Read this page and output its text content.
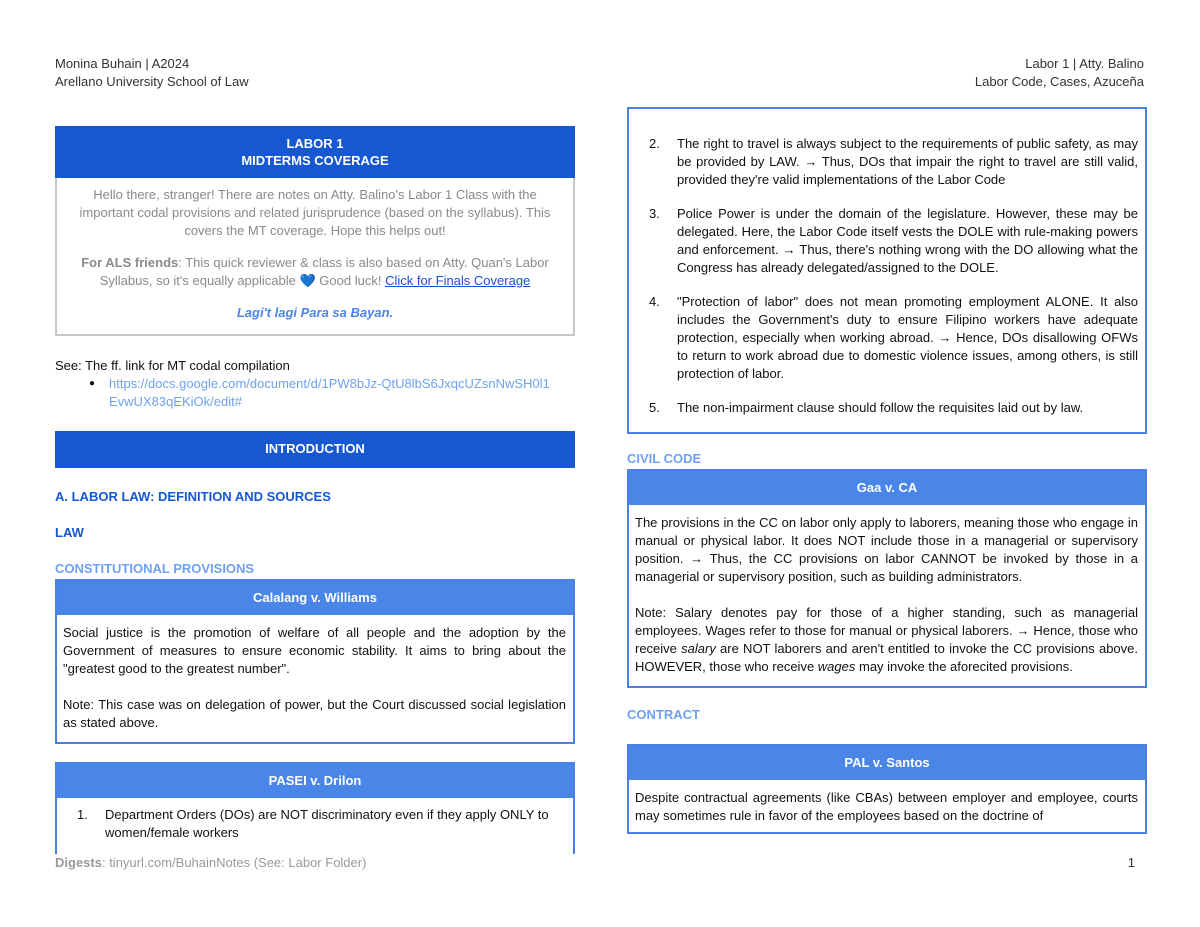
Monina Buhain | A2024
Arellano University School of Law
Labor 1 | Atty. Balino
Labor Code, Cases, Azuceña
LABOR 1
MIDTERMS COVERAGE
Hello there, stranger! There are notes on Atty. Balino's Labor 1 Class with the important codal provisions and related jurisprudence (based on the syllabus). This covers the MT coverage. Hope this helps out!
For ALS friends: This quick reviewer & class is also based on Atty. Quan's Labor Syllabus, so it's equally applicable 💙 Good luck! Click for Finals Coverage
Lagi't lagi Para sa Bayan.
See: The ff. link for MT codal compilation
●	https://docs.google.com/document/d/1PW8bJz-QtU8lbS6JxqcUZsnNwSH0l1
EvwUX83qEKiOk/edit#
INTRODUCTION
A. LABOR LAW: DEFINITION AND SOURCES
LAW
CONSTITUTIONAL PROVISIONS
Calalang v. Williams
Social justice is the promotion of welfare of all people and the adoption by the Government of measures to ensure economic stability. It aims to bring about the "greatest good to the greatest number".
Note: This case was on delegation of power, but the Court discussed social legislation as stated above.
PASEI v. Drilon
1.	Department Orders (DOs) are NOT discriminatory even if they apply ONLY to women/female workers
2.	The right to travel is always subject to the requirements of public safety, as may be provided by LAW. → Thus, DOs that impair the right to travel are still valid, provided they're valid implementations of the Labor Code
3.	Police Power is under the domain of the legislature. However, these may be delegated. Here, the Labor Code itself vests the DOLE with rule-making powers and enforcement. → Thus, there's nothing wrong with the DO allowing what the Congress has already delegated/assigned to the DOLE.
4.	"Protection of labor" does not mean promoting employment ALONE. It also includes the Government's duty to ensure Filipino workers have adequate protection, especially when working abroad. → Hence, DOs disallowing OFWs to return to work abroad due to domestic violence issues, among others, is still protection of labor.
5.	The non-impairment clause should follow the requisites laid out by law.
CIVIL CODE
Gaa v. CA
The provisions in the CC on labor only apply to laborers, meaning those who engage in manual or physical labor. It does NOT include those in a managerial or supervisory position. → Thus, the CC provisions on labor CANNOT be invoked by those in a managerial or supervisory position, such as building administrators.
Note: Salary denotes pay for those of a higher standing, such as managerial employees. Wages refer to those for manual or physical laborers. → Hence, those who receive salary are NOT laborers and aren't entitled to invoke the CC provisions above. HOWEVER, those who receive wages may invoke the aforecited provisions.
CONTRACT
PAL v. Santos
Despite contractual agreements (like CBAs) between employer and employee, courts may sometimes rule in favor of the employees based on the doctrine of
Digests: tinyurl.com/BuhainNotes (See: Labor Folder)	1
